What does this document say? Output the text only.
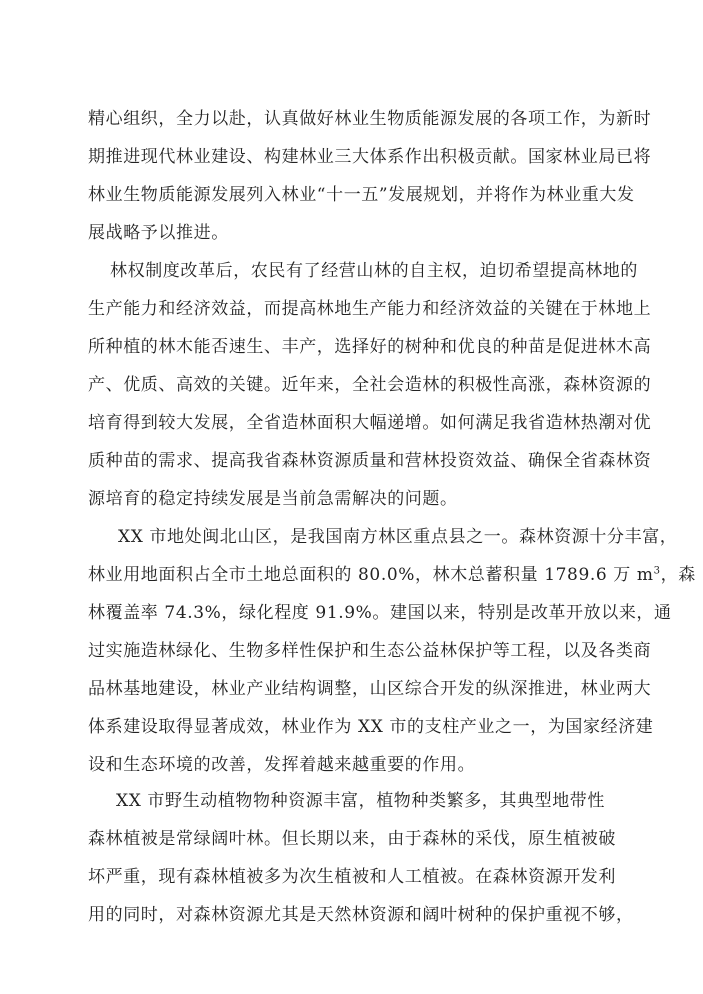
精心组织，全力以赴，认真做好林业生物质能源发展的各项工作，为新时
期推进现代林业建设、构建林业三大体系作出积极贡献。国家林业局已将
林业生物质能源发展列入林业“十一五”发展规划，并将作为林业重大发
展战略予以推进。
林权制度改革后，农民有了经营山林的自主权，迫切希望提高林地的
生产能力和经济效益，而提高林地生产能力和经济效益的关键在于林地上
所种植的林木能否速生、丰产，选择好的树种和优良的种苗是促进林木高
产、优质、高效的关键。近年来，全社会造林的积极性高涨，森林资源的
培育得到较大发展，全省造林面积大幅递增。如何满足我省造林热潮对优
质种苗的需求、提高我省森林资源质量和营林投资效益、确保全省森林资
源培育的稳定持续发展是当前急需解决的问题。
XX 市地处闽北山区，是我国南方林区重点县之一。森林资源十分丰富，
林业用地面积占全市土地总面积的 80.0%，林木总蓄积量 1789.6 万 $m^3$，森
林覆盖率 74.3%，绿化程度 91.9%。建国以来，特别是改革开放以来，通
过实施造林绿化、生物多样性保护和生态公益林保护等工程，以及各类商
品林基地建设，林业产业结构调整，山区综合开发的纵深推进，林业两大
体系建设取得显著成效，林业作为 XX 市的支柱产业之一，为国家经济建
设和生态环境的改善，发挥着越来越重要的作用。
XX 市野生动植物物种资源丰富，植物种类繁多，其典型地带性
森林植被是常绿阔叶林。但长期以来，由于森林的采伐，原生植被破
坏严重，现有森林植被多为次生植被和人工植被。在森林资源开发利
用的同时，对森林资源尤其是天然林资源和阔叶树种的保护重视不够，
